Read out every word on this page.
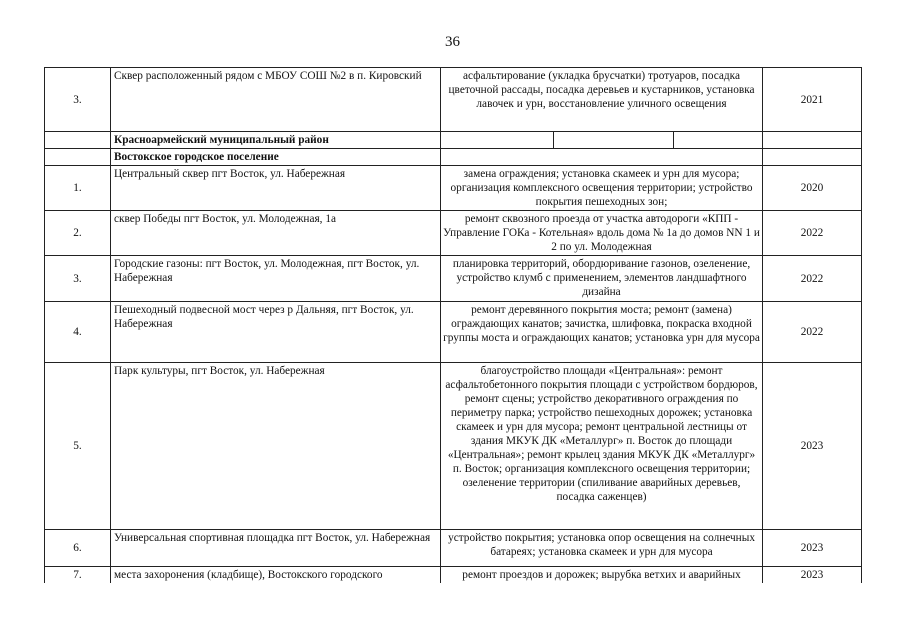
36
3.	Сквер расположенный рядом с МБОУ СОШ №2 в п. Кировский	асфальтирование (укладка брусчатки) тротуаров, посадка цветочной рассады, посадка деревьев и кустарников, установка лавочек и урн, восстановление уличного освещения			2021
	Красноармейский муниципальный район				
	Востокское городское поселение				
1.	Центральный сквер пгт Восток, ул. Набережная	замена ограждения; установка скамеек и урн для мусора; организация комплексного освещения территории; устройство покрытия пешеходных зон;			2020
2.	сквер Победы пгт Восток, ул. Молодежная, 1а	ремонт сквозного проезда от участка автодороги «КПП - Управление ГОКа - Котельная» вдоль дома № 1а до домов NN 1 и 2 по ул. Молодежная			2022
3.	Городские газоны: пгт Восток, ул. Молодежная, пгт Восток, ул. Набережная	планировка территорий, обордюривание газонов, озеленение, устройство клумб с применением, элементов ландшафтного дизайна			2022
4.	Пешеходный подвесной мост через р Дальняя, пгт Восток, ул. Набережная	ремонт деревянного покрытия моста; ремонт (замена) ограждающих канатов; зачистка, шлифовка, покраска входной группы моста и ограждающих канатов; установка урн для мусора			2022
5.	Парк культуры, пгт Восток, ул. Набережная	благоустройство площади «Центральная»: ремонт асфальтобетонного покрытия площади с устройством бордюров, ремонт сцены; устройство декоративного ограждения по периметру парка; устройство пешеходных дорожек; установка скамеек и урн для мусора; ремонт центральной лестницы от здания МКУК ДК «Металлург» п. Восток до площади «Центральная»; ремонт крылец здания МКУК ДК «Металлург» п. Восток; организация комплексного освещения территории; озеленение территории (спиливание аварийных деревьев, посадка саженцев)			2023
6.	Универсальная спортивная площадка пгт Восток, ул. Набережная	устройство покрытия; установка опор освещения на солнечных батареях; установка скамеек и урн для мусора			2023
7.	места захоронения (кладбище), Востокского городского	ремонт проездов и дорожек; вырубка ветхих и аварийных			2023
